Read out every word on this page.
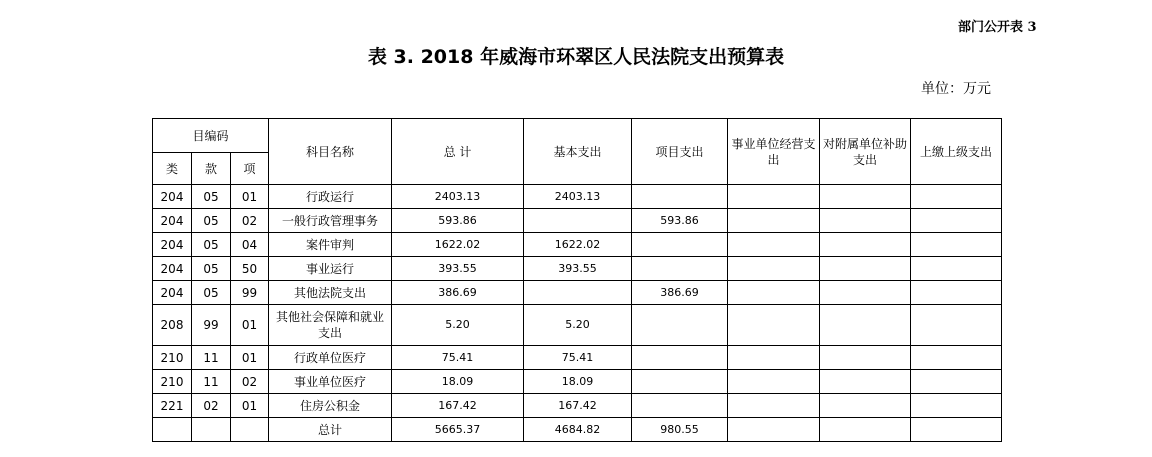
部门公开表 3
表 3. 2018 年威海市环翠区人民法院支出预算表
单位：万元
目编码			科目名称	总 计	基本支出	项目支出	事业单位经营支出	对附属单位补助支出	上缴上级支出
类	款	项							
204	05	01	行政运行	2403.13	2403.13				
204	05	02	一般行政管理事务	593.86		593.86			
204	05	04	案件审判	1622.02	1622.02				
204	05	50	事业运行	393.55	393.55				
204	05	99	其他法院支出	386.69		386.69			
208	99	01	其他社会保障和就业支出	5.20	5.20				
210	11	01	行政单位医疗	75.41	75.41				
210	11	02	事业单位医疗	18.09	18.09				
221	02	01	住房公积金	167.42	167.42				
			总计	5665.37	4684.82	980.55			
